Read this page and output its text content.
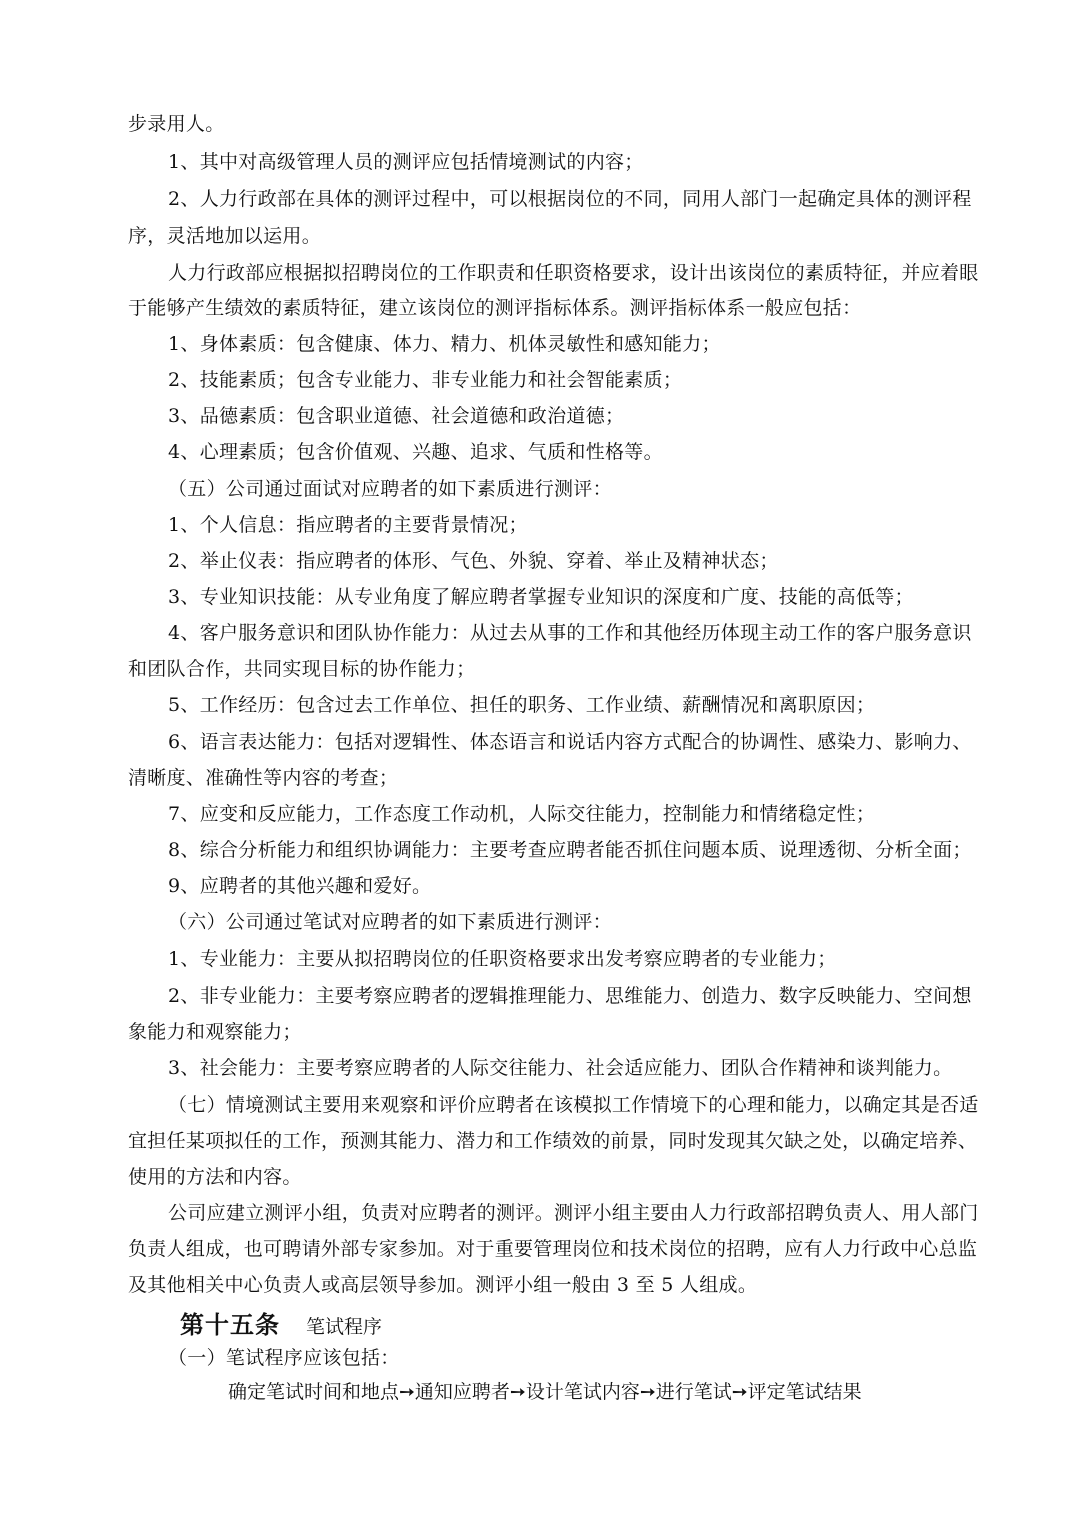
步录用人。
1、其中对高级管理人员的测评应包括情境测试的内容；
2、人力行政部在具体的测评过程中，可以根据岗位的不同，同用人部门一起确定具体的测评程
序，灵活地加以运用。
人力行政部应根据拟招聘岗位的工作职责和任职资格要求，设计出该岗位的素质特征，并应着眼
于能够产生绩效的素质特征，建立该岗位的测评指标体系。测评指标体系一般应包括：
1、身体素质：包含健康、体力、精力、机体灵敏性和感知能力；
2、技能素质；包含专业能力、非专业能力和社会智能素质；
3、品德素质：包含职业道德、社会道德和政治道德；
4、心理素质；包含价值观、兴趣、追求、气质和性格等。
（五）公司通过面试对应聘者的如下素质进行测评：
1、个人信息：指应聘者的主要背景情况；
2、举止仪表：指应聘者的体形、气色、外貌、穿着、举止及精神状态；
3、专业知识技能：从专业角度了解应聘者掌握专业知识的深度和广度、技能的高低等；
4、客户服务意识和团队协作能力：从过去从事的工作和其他经历体现主动工作的客户服务意识
和团队合作，共同实现目标的协作能力；
5、工作经历：包含过去工作单位、担任的职务、工作业绩、薪酬情况和离职原因；
6、语言表达能力：包括对逻辑性、体态语言和说话内容方式配合的协调性、感染力、影响力、
清晰度、准确性等内容的考查；
7、应变和反应能力，工作态度工作动机，人际交往能力，控制能力和情绪稳定性；
8、综合分析能力和组织协调能力：主要考查应聘者能否抓住问题本质、说理透彻、分析全面；
9、应聘者的其他兴趣和爱好。
（六）公司通过笔试对应聘者的如下素质进行测评：
1、专业能力：主要从拟招聘岗位的任职资格要求出发考察应聘者的专业能力；
2、非专业能力：主要考察应聘者的逻辑推理能力、思维能力、创造力、数字反映能力、空间想
象能力和观察能力；
3、社会能力：主要考察应聘者的人际交往能力、社会适应能力、团队合作精神和谈判能力。
（七）情境测试主要用来观察和评价应聘者在该模拟工作情境下的心理和能力，以确定其是否适
宜担任某项拟任的工作，预测其能力、潜力和工作绩效的前景，同时发现其欠缺之处，以确定培养、
使用的方法和内容。
公司应建立测评小组，负责对应聘者的测评。测评小组主要由人力行政部招聘负责人、用人部门
负责人组成，也可聘请外部专家参加。对于重要管理岗位和技术岗位的招聘，应有人力行政中心总监
及其他相关中心负责人或高层领导参加。测评小组一般由 3 至 5 人组成。
第十五条 笔试程序
（一）笔试程序应该包括：
确定笔试时间和地点➙通知应聘者➙设计笔试内容➙进行笔试➙评定笔试结果
